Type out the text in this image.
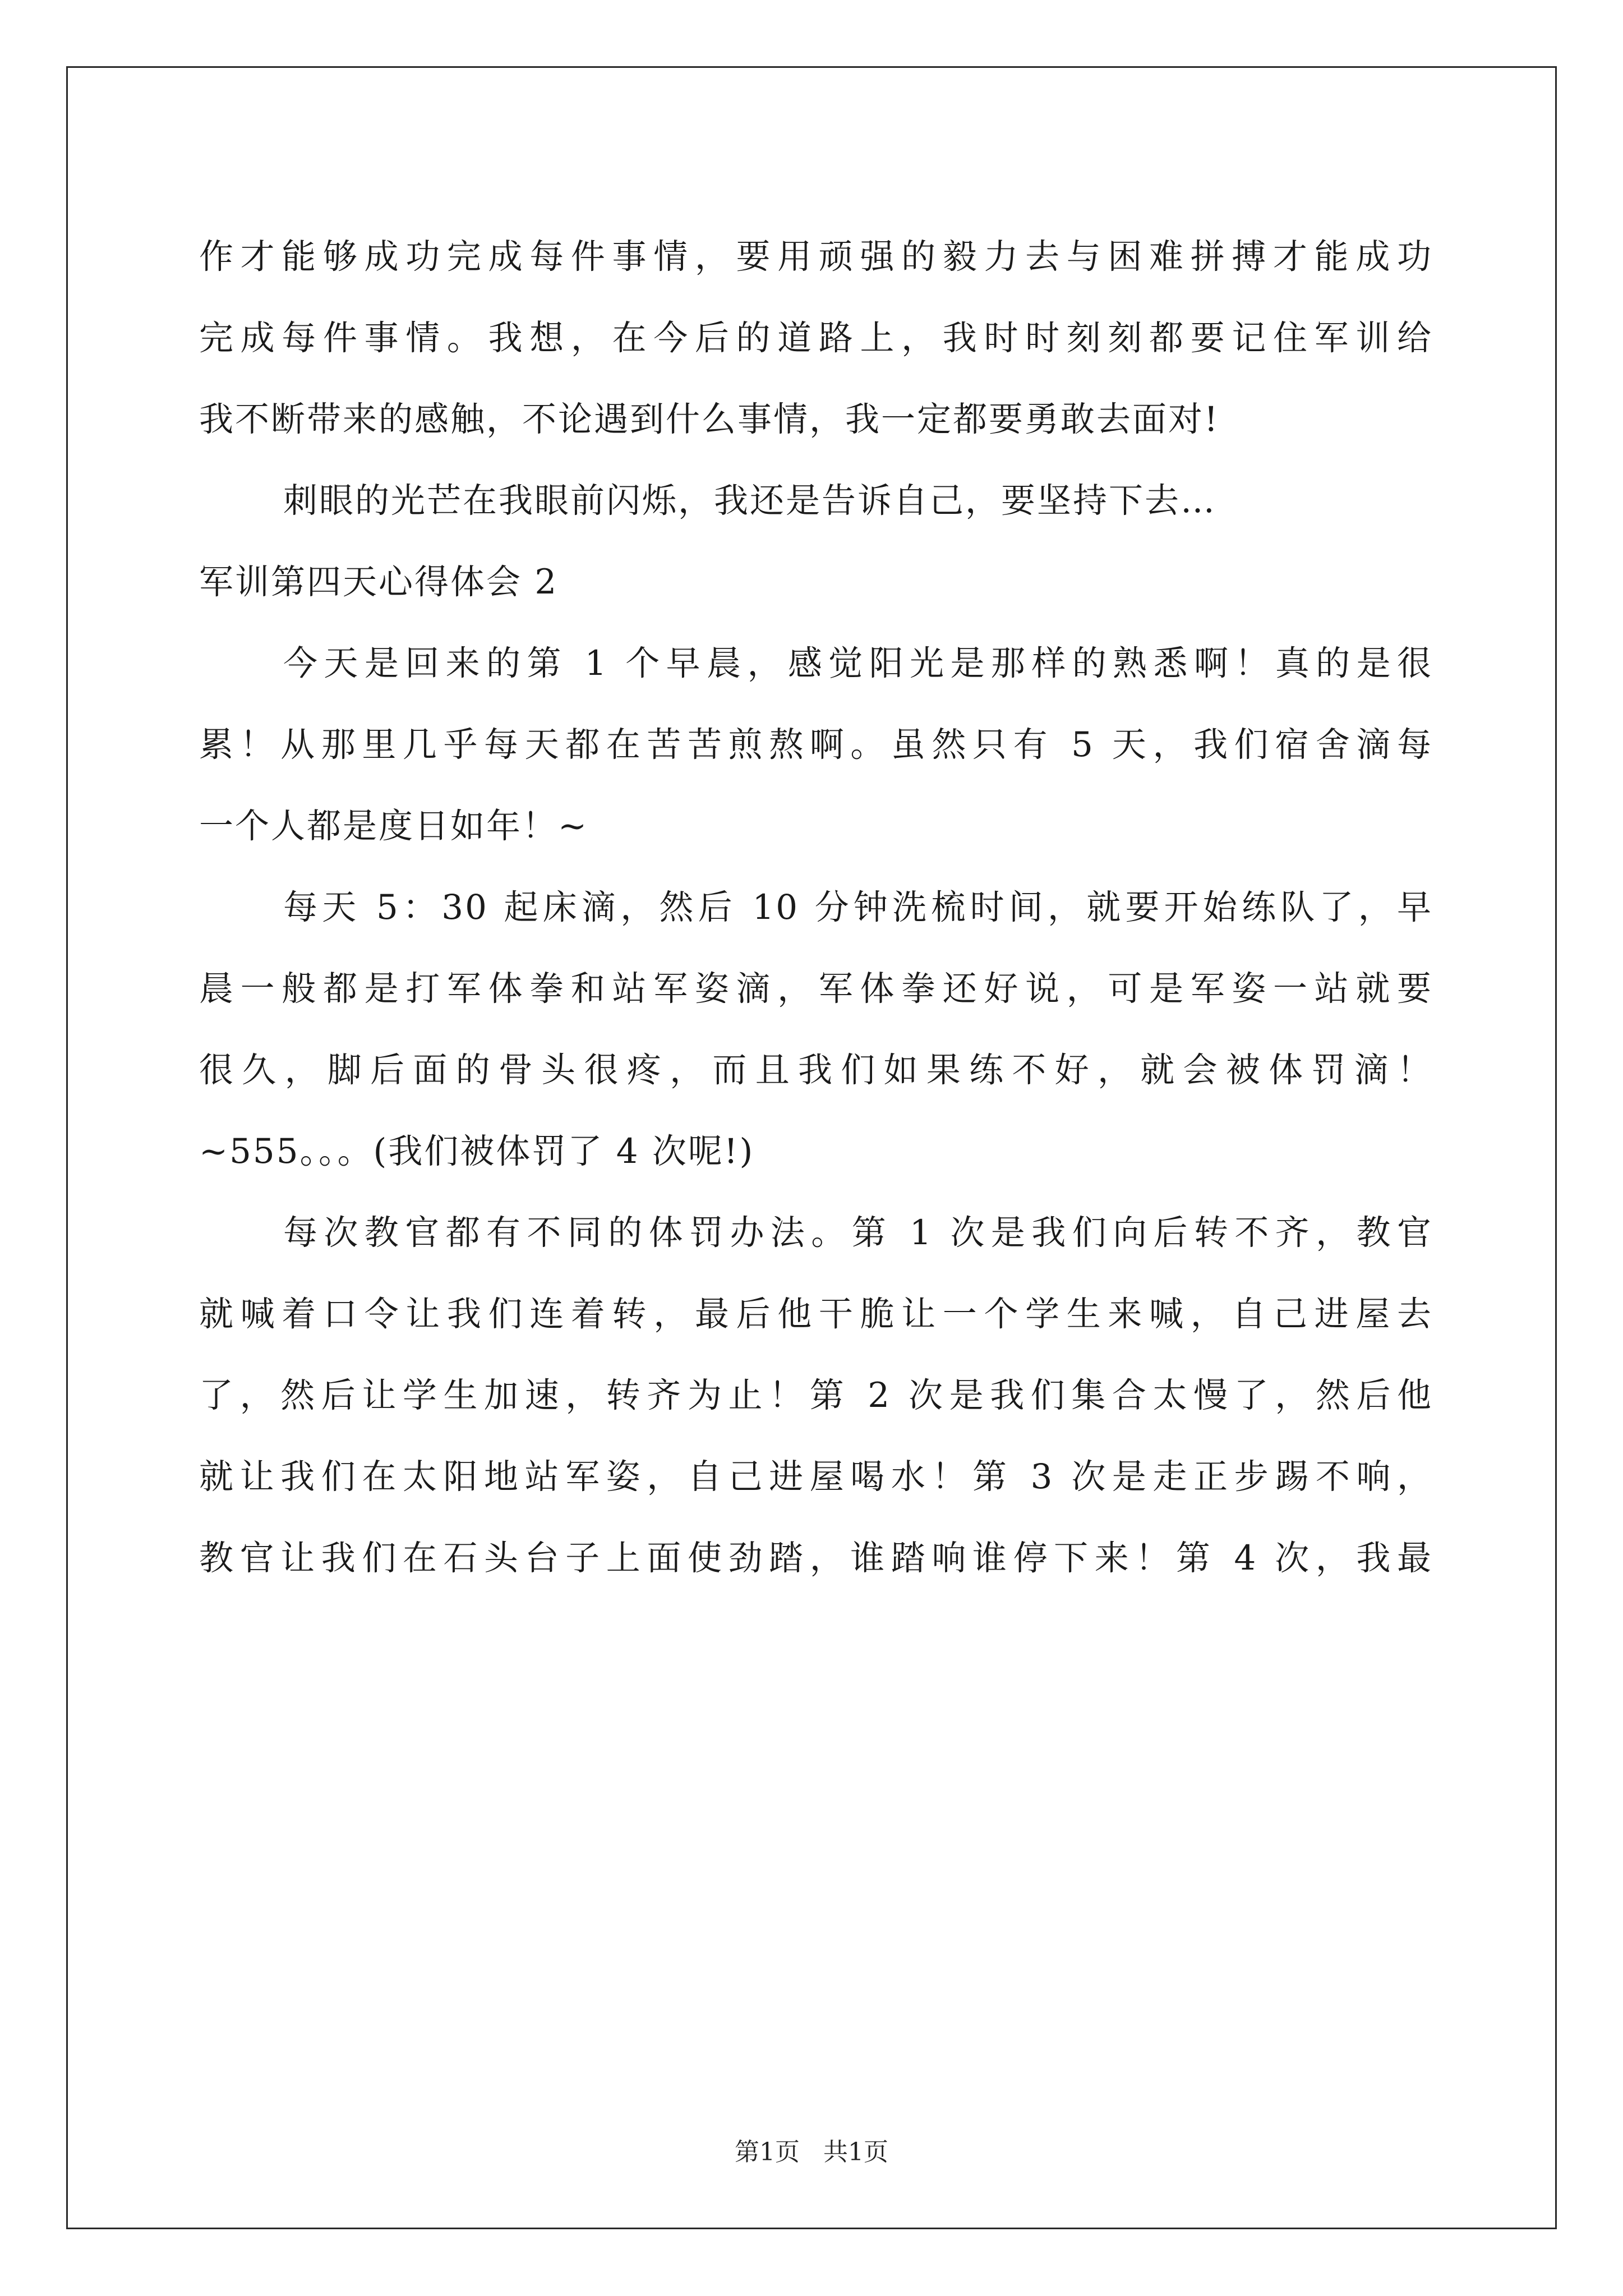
作才能够成功完成每件事情，要用顽强的毅力去与困难拼搏才能成功
完成每件事情。我想，在今后的道路上，我时时刻刻都要记住军训给
我不断带来的感触，不论遇到什么事情，我一定都要勇敢去面对!
刺眼的光芒在我眼前闪烁，我还是告诉自己，要坚持下去…
军训第四天心得体会 2
今天是回来的第 1 个早晨，感觉阳光是那样的熟悉啊！真的是很
累！从那里几乎每天都在苦苦煎熬啊。虽然只有 5 天，我们宿舍滴每
一个人都是度日如年！~
每天 5：30 起床滴，然后 10 分钟洗梳时间，就要开始练队了，早
晨一般都是打军体拳和站军姿滴，军体拳还好说，可是军姿一站就要
很久，脚后面的骨头很疼，而且我们如果练不好，就会被体罚滴！
~555。。。(我们被体罚了 4 次呢!)
每次教官都有不同的体罚办法。第 1 次是我们向后转不齐，教官
就喊着口令让我们连着转，最后他干脆让一个学生来喊，自己进屋去
了，然后让学生加速，转齐为止！第 2 次是我们集合太慢了，然后他
就让我们在太阳地站军姿，自己进屋喝水！第 3 次是走正步踢不响，
教官让我们在石头台子上面使劲踏，谁踏响谁停下来！第 4 次，我最
第1页 共1页
